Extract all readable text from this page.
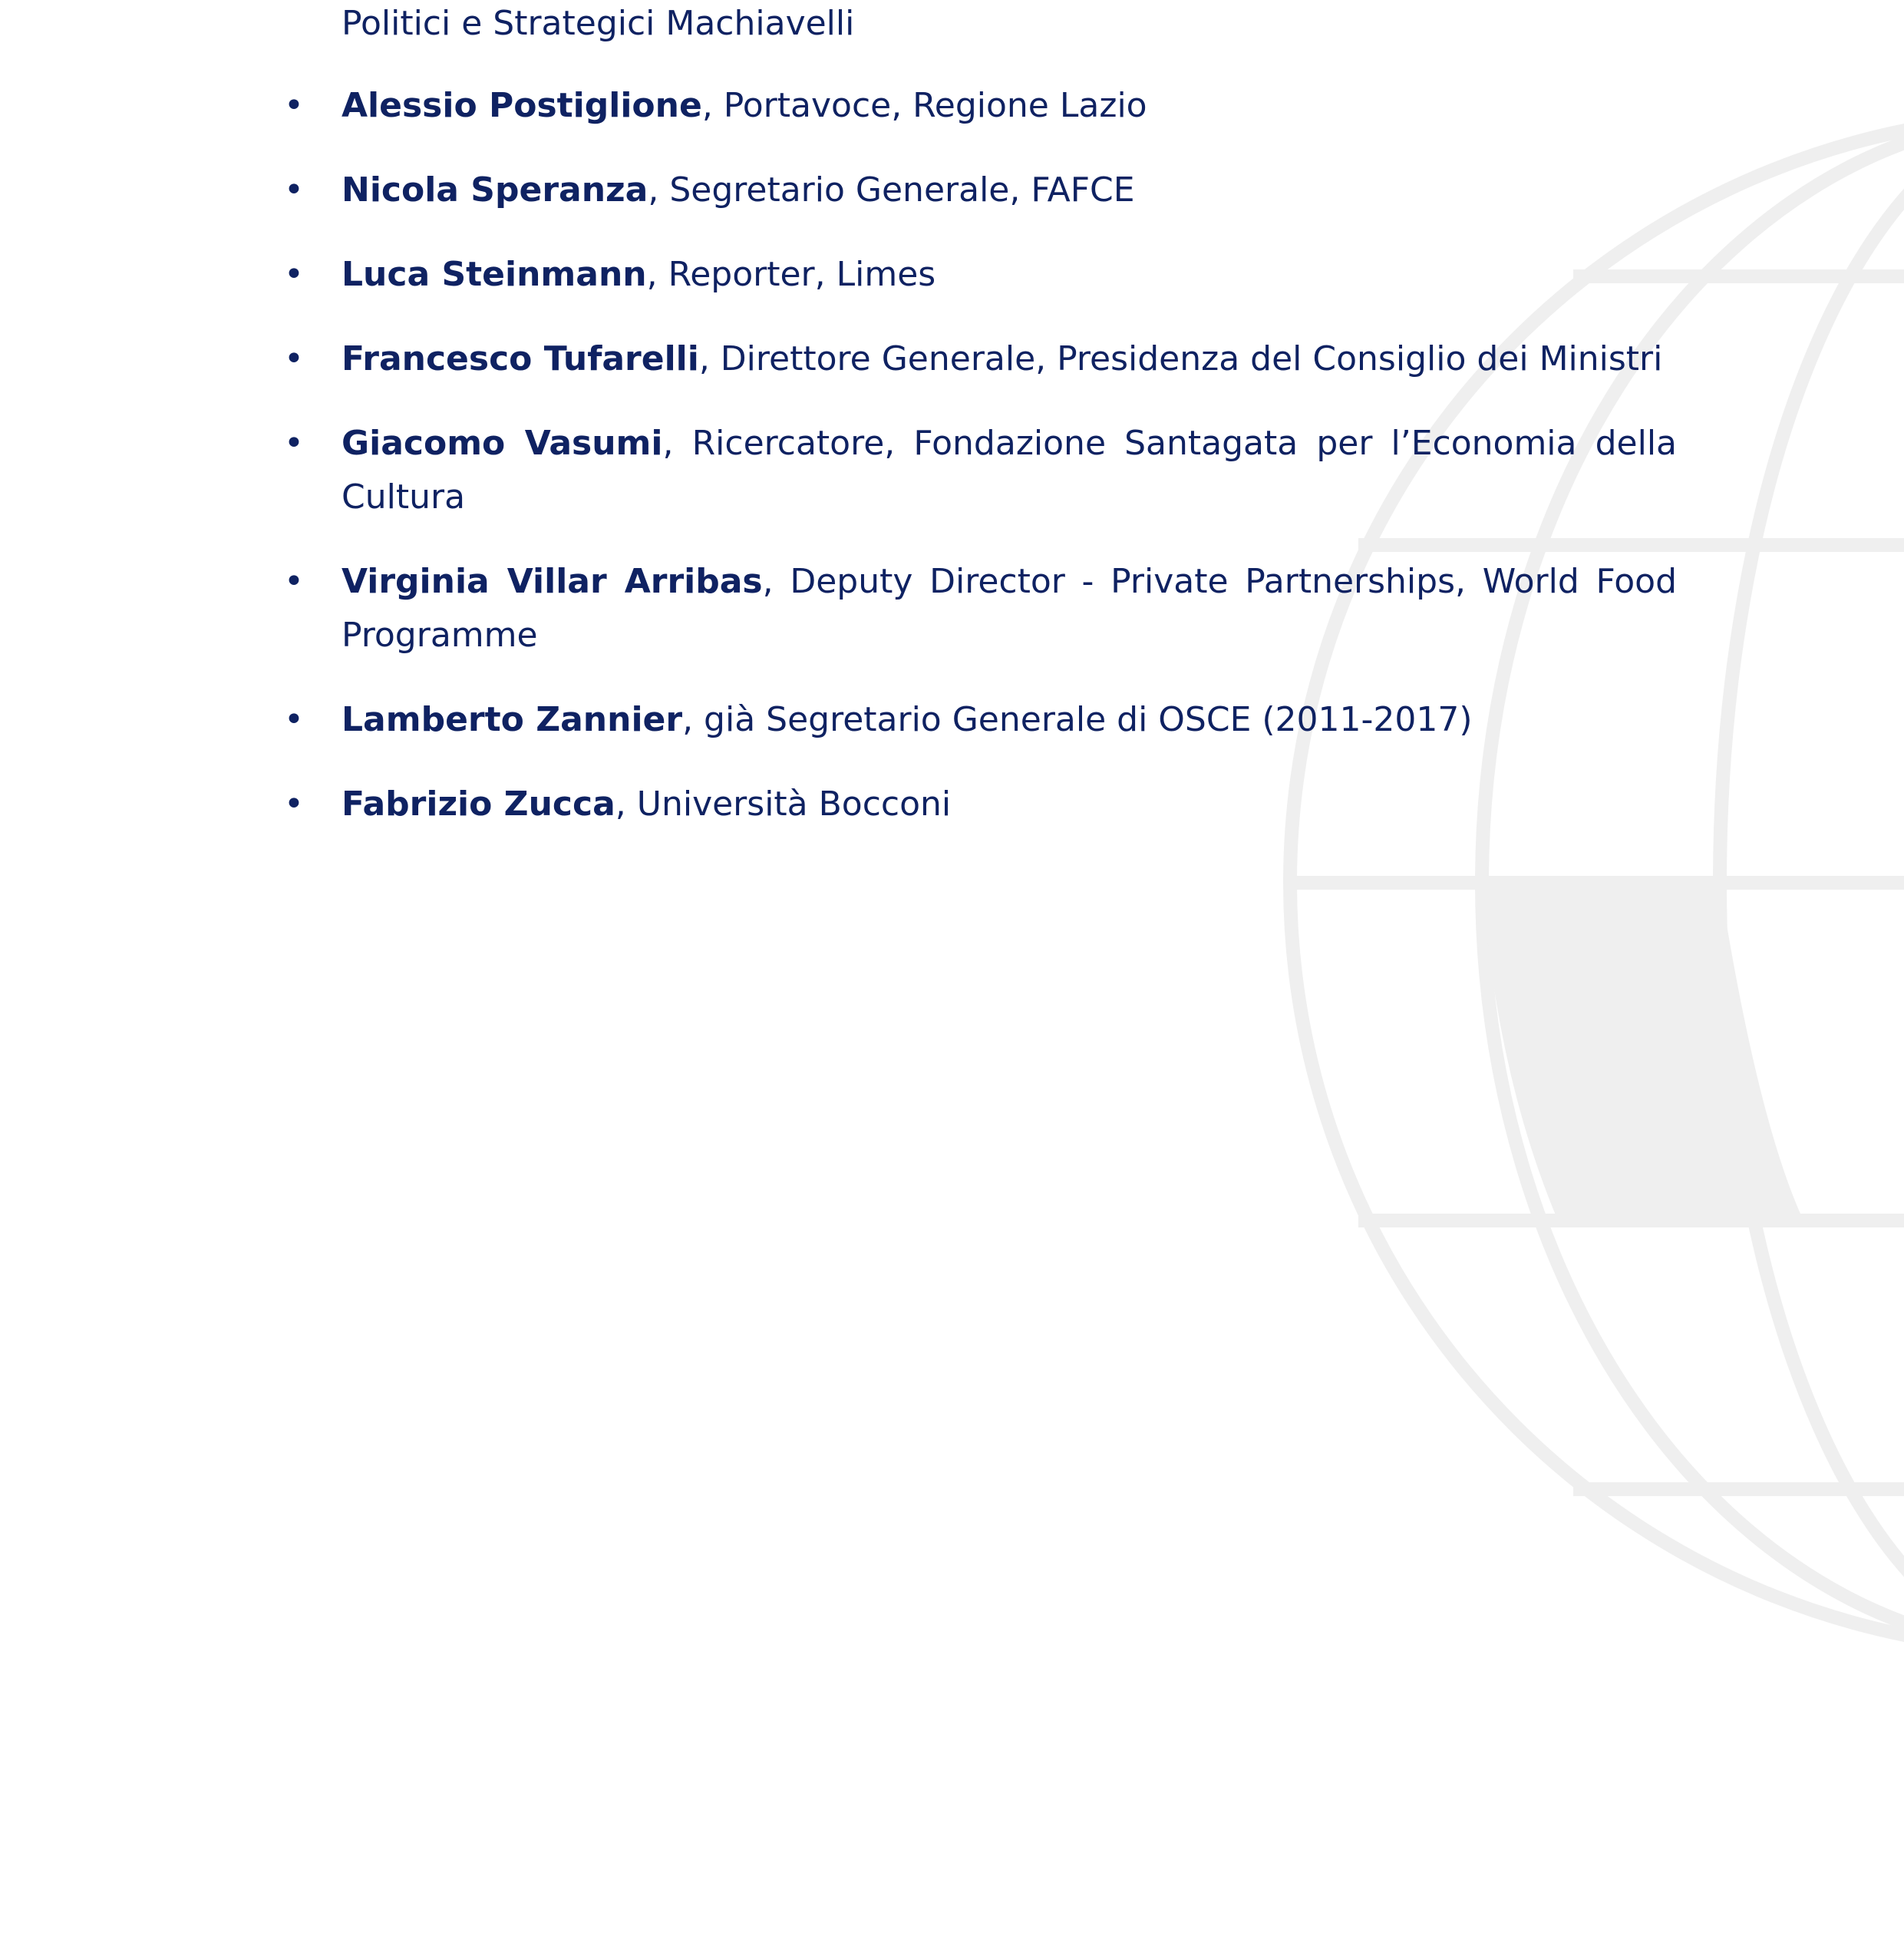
Politici e Strategici Machiavelli

• Alessio Postiglione, Portavoce, Regione Lazio
• Nicola Speranza, Segretario Generale, FAFCE
• Luca Steinmann, Reporter, Limes
• Francesco Tufarelli, Direttore Generale, Presidenza del Consiglio dei Ministri
• Giacomo Vasumi, Ricercatore, Fondazione Santagata per l’Economia della Cultura
• Virginia Villar Arribas, Deputy Director - Private Partnerships, World Food Programme
• Lamberto Zannier, già Segretario Generale di OSCE (2011-2017)
• Fabrizio Zucca, Università Bocconi
